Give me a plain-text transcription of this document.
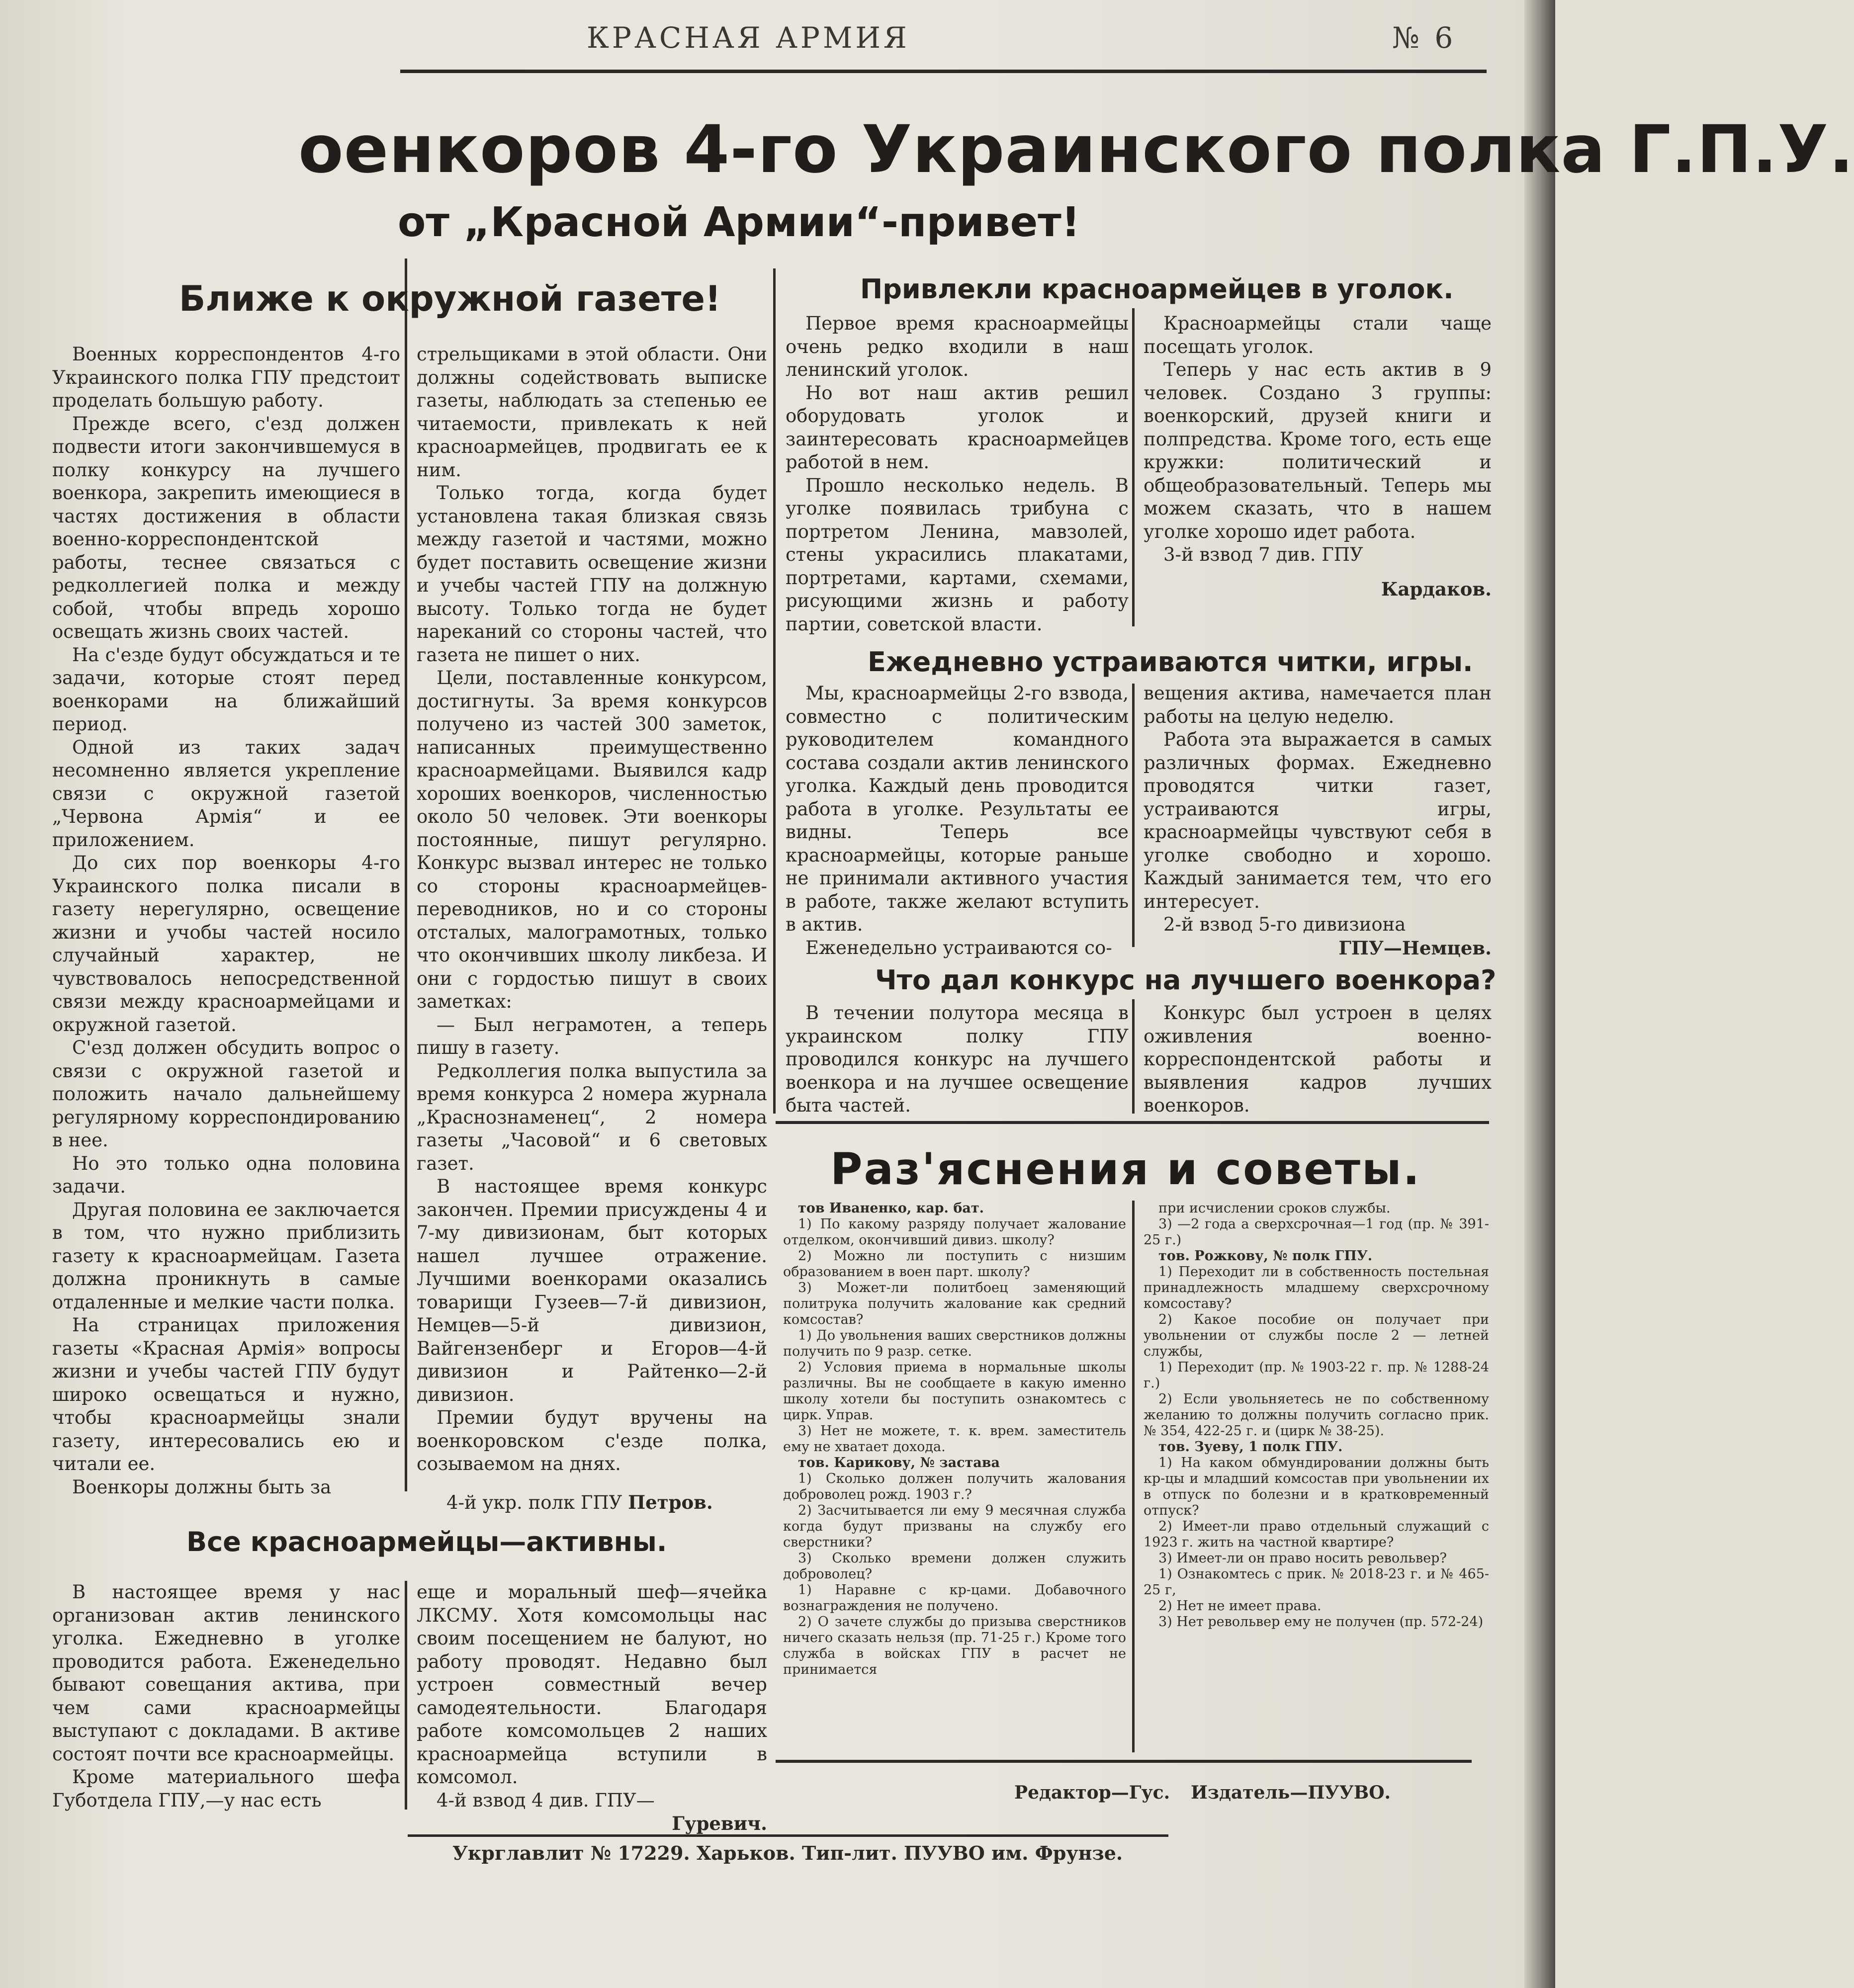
КРАСНАЯ АРМИЯ	№ 6
оенкоров 4-го Украинского полка Г.П.У.
от „Красной Армии“-привет!
Ближе к окружной газете!

Военных корреспондентов 4-го Украинского полка ГПУ предстоит проделать большую работу.

Прежде всего, с'езд должен подвести итоги закончившемуся в полку конкурсу на лучшего военкора, закрепить имеющиеся в частях достижения в области военно-корреспондентской работы, теснее связаться с редколлегией полка и между собой, чтобы впредь хорошо освещать жизнь своих частей.

На с'езде будут обсуждаться и те задачи, которые стоят перед военкорами на ближайший период.

Одной из таких задач несомненно является укрепление связи с окружной газетой „Червона Армія“ и ее приложением.

До сих пор военкоры 4-го Украинского полка писали в газету нерегулярно, освещение жизни и учобы частей носило случайный характер, не чувствовалось непосредственной связи между красноармейцами и окружной газетой.

С'езд должен обсудить вопрос о связи с окружной газетой и положить начало дальнейшему регулярному корреспондированию в нее.

Но это только одна половина задачи.

Другая половина ее заключается в том, что нужно приблизить газету к красноармейцам. Газета должна проникнуть в самые отдаленные и мелкие части полка.

На страницах приложения газеты «Красная Армія» вопросы жизни и учебы частей ГПУ будут широко освещаться и нужно, чтобы красноармейцы знали газету, интересовались ею и читали ее.

Военкоры должны быть за

стрельщиками в этой области. Они должны содействовать выписке газеты, наблюдать за степенью ее читаемости, привлекать к ней красноармейцев, продвигать ее к ним.

Только тогда, когда будет установлена такая близкая связь между газетой и частями, можно будет поставить освещение жизни и учебы частей ГПУ на должную высоту. Только тогда не будет нареканий со стороны частей, что газета не пишет о них.

Цели, поставленные конкурсом, достигнуты. За время конкурсов получено из частей 300 заметок, написанных преимущественно красноармейцами. Выявился кадр хороших военкоров, численностью около 50 человек. Эти военкоры постоянные, пишут регулярно. Конкурс вызвал интерес не только со стороны красноармейцев-переводников, но и со стороны отсталых, малограмотных, только что окончивших школу ликбеза. И они с гордостью пишут в своих заметках:

— Был неграмотен, а теперь пишу в газету.

Редколлегия полка выпустила за время конкурса 2 номера журнала „Краснознаменец“, 2 номера газеты „Часовой“ и 6 световых газет.

В настоящее время конкурс закончен. Премии присуждены 4 и 7-му дивизионам, быт которых нашел лучшее отражение. Лучшими военкорами оказались товарищи Гузеев—7-й дивизион, Немцев—5-й дивизион, Вайгензенберг и Егоров—4-й дивизион и Райтенко—2-й дивизион.

Премии будут вручены на военкоровском с'езде полка, созываемом на днях.

4-й укр. полк ГПУ Петров.

Все красноармейцы—активны.

В настоящее время у нас организован актив ленинского уголка. Ежедневно в уголке проводится работа. Еженедельно бывают совещания актива, при чем сами красноармейцы выступают с докладами. В активе состоят почти все красноармейцы.

Кроме материального шефа Губотдела ГПУ,—у нас есть

еще и моральный шеф—ячейка ЛКСМУ. Хотя комсомольцы нас своим посещением не балуют, но работу проводят. Недавно был устроен совместный вечер самодеятельности. Благодаря работе комсомольцев 2 наших красноармейца вступили в комсомол.

4-й взвод 4 див. ГПУ—

Гуревич.

Привлекли красноармейцев в уголок.

Первое время красноармейцы очень редко входили в наш ленинский уголок.

Но вот наш актив решил оборудовать уголок и заинтересовать красноармейцев работой в нем.

Прошло несколько недель. В уголке появилась трибуна с портретом Ленина, мавзолей, стены украсились плакатами, портретами, картами, схемами, рисующими жизнь и работу партии, советской власти.

Красноармейцы стали чаще посещать уголок.

Теперь у нас есть актив в 9 человек. Создано 3 группы: военкорский, друзей книги и полпредства. Кроме того, есть еще кружки: политический и общеобразовательный. Теперь мы можем сказать, что в нашем уголке хорошо идет работа.

3-й взвод 7 див. ГПУ

Кардаков.

Ежедневно устраиваются читки, игры.

Мы, красноармейцы 2-го взвода, совместно с политическим руководителем командного состава создали актив ленинского уголка. Каждый день проводится работа в уголке. Результаты ее видны. Теперь все красноармейцы, которые раньше не принимали активного участия в работе, также желают вступить в актив.

Еженедельно устраиваются со-

вещения актива, намечается план работы на целую неделю.

Работа эта выражается в самых различных формах. Ежедневно проводятся читки газет, устраиваются игры, красноармейцы чувствуют себя в уголке свободно и хорошо. Каждый занимается тем, что его интересует.

2-й взвод 5-го дивизиона

ГПУ—Немцев.

Что дал конкурс на лучшего военкора?

В течении полутора месяца в украинском полку ГПУ проводился конкурс на лучшего военкора и на лучшее освещение быта частей.

Конкурс был устроен в целях оживления военно-корреспондентской работы и выявления кадров лучших военкоров.

Раз'яснения и советы.

тов Иваненко, кар. бат.

1) По какому разряду получает жалование отделком, окончивший дивиз. школу?

2) Можно ли поступить с низшим образованием в воен парт. школу?

3) Может-ли политбоец заменяющий политрука получить жалование как средний комсостав?

1) До увольнения ваших сверстников должны получить по 9 разр. сетке.

2) Условия приема в нормальные школы различны. Вы не сообщаете в какую именно школу хотели бы поступить ознакомтесь с цирк. Управ.

3) Нет не можете, т. к. врем. заместитель ему не хватает дохода.

тов. Карикову, № застава

1) Сколько должен получить жалования доброволец рожд. 1903 г.?

2) Засчитывается ли ему 9 месячная служба когда будут призваны на службу его сверстники?

3) Сколько времени должен служить доброволец?

1) Наравне с кр-цами. Добавочного вознаграждения не получено.

2) О зачете службы до призыва сверстников ничего сказать нельзя (пр. 71-25 г.) Кроме того служба в войсках ГПУ в расчет не принимается

при исчислении сроков службы.

3) —2 года а сверхсрочная—1 год (пр. № 391-25 г.)

тов. Рожкову, № полк ГПУ.

1) Переходит ли в собственность постельная принадлежность младшему сверхсрочному комсоставу?

2) Какое пособие он получает при увольнении от службы после 2 — летней службы,

1) Переходит (пр. № 1903-22 г. пр. № 1288-24 г.)

2) Если увольняетесь не по собственному желанию то должны получить согласно прик. № 354, 422-25 г. и (цирк № 38-25).

тов. Зуеву, 1 полк ГПУ.

1) На каком обмундировании должны быть кр-цы и младший комсостав при увольнении их в отпуск по болезни и в кратковременный отпуск?

2) Имеет-ли право отдельный служащий с 1923 г. жить на частной квартире?

3) Имеет-ли он право носить револьвер?

1) Ознакомтесь с прик. № 2018-23 г. и № 465-25 г,

2) Нет не имеет права.

3) Нет револьвер ему не получен (пр. 572-24)

Редактор—Гус. Издатель—ПУУВО.
Укрглавлит № 17229. Харьков. Тип-лит. ПУУВО им. Фрунзе.
